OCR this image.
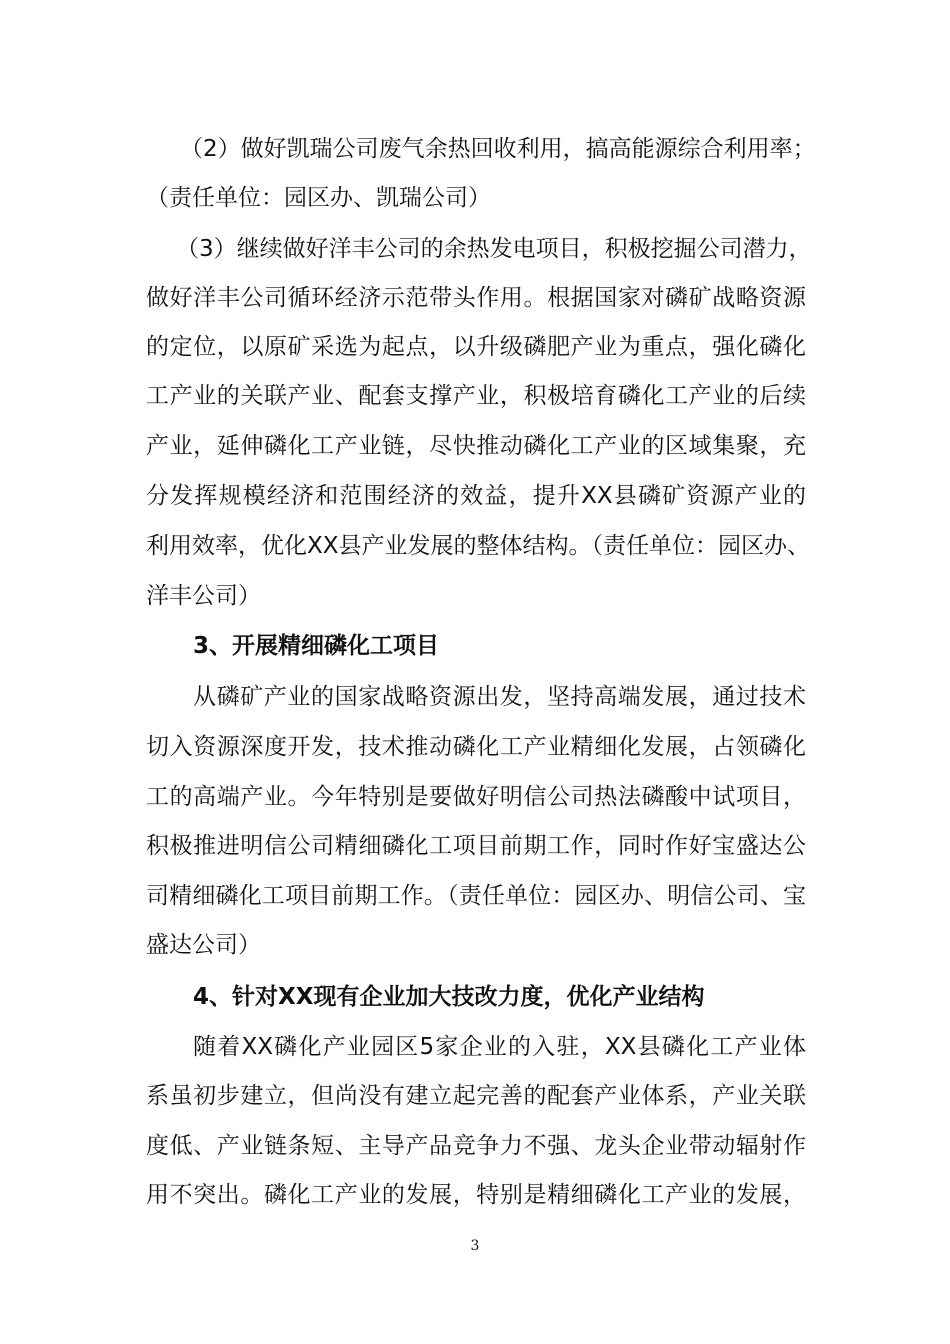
（2）做好凯瑞公司废气余热回收利用，搞高能源综合利用率；
（责任单位：园区办、凯瑞公司）
（3）继续做好洋丰公司的余热发电项目，积极挖掘公司潜力，
做好洋丰公司循环经济示范带头作用。根据国家对磷矿战略资源
的定位，以原矿采选为起点，以升级磷肥产业为重点，强化磷化
工产业的关联产业、配套支撑产业，积极培育磷化工产业的后续
产业，延伸磷化工产业链，尽快推动磷化工产业的区域集聚，充
分发挥规模经济和范围经济的效益，提升XX县磷矿资源产业的
利用效率，优化XX县产业发展的整体结构。（责任单位：园区办、
洋丰公司）
3、开展精细磷化工项目
从磷矿产业的国家战略资源出发，坚持高端发展，通过技术
切入资源深度开发，技术推动磷化工产业精细化发展，占领磷化
工的高端产业。今年特别是要做好明信公司热法磷酸中试项目，
积极推进明信公司精细磷化工项目前期工作，同时作好宝盛达公
司精细磷化工项目前期工作。（责任单位：园区办、明信公司、宝
盛达公司）
4、针对XX现有企业加大技改力度，优化产业结构
随着XX磷化产业园区5家企业的入驻，XX县磷化工产业体
系虽初步建立，但尚没有建立起完善的配套产业体系，产业关联
度低、产业链条短、主导产品竞争力不强、龙头企业带动辐射作
用不突出。磷化工产业的发展，特别是精细磷化工产业的发展，
3
